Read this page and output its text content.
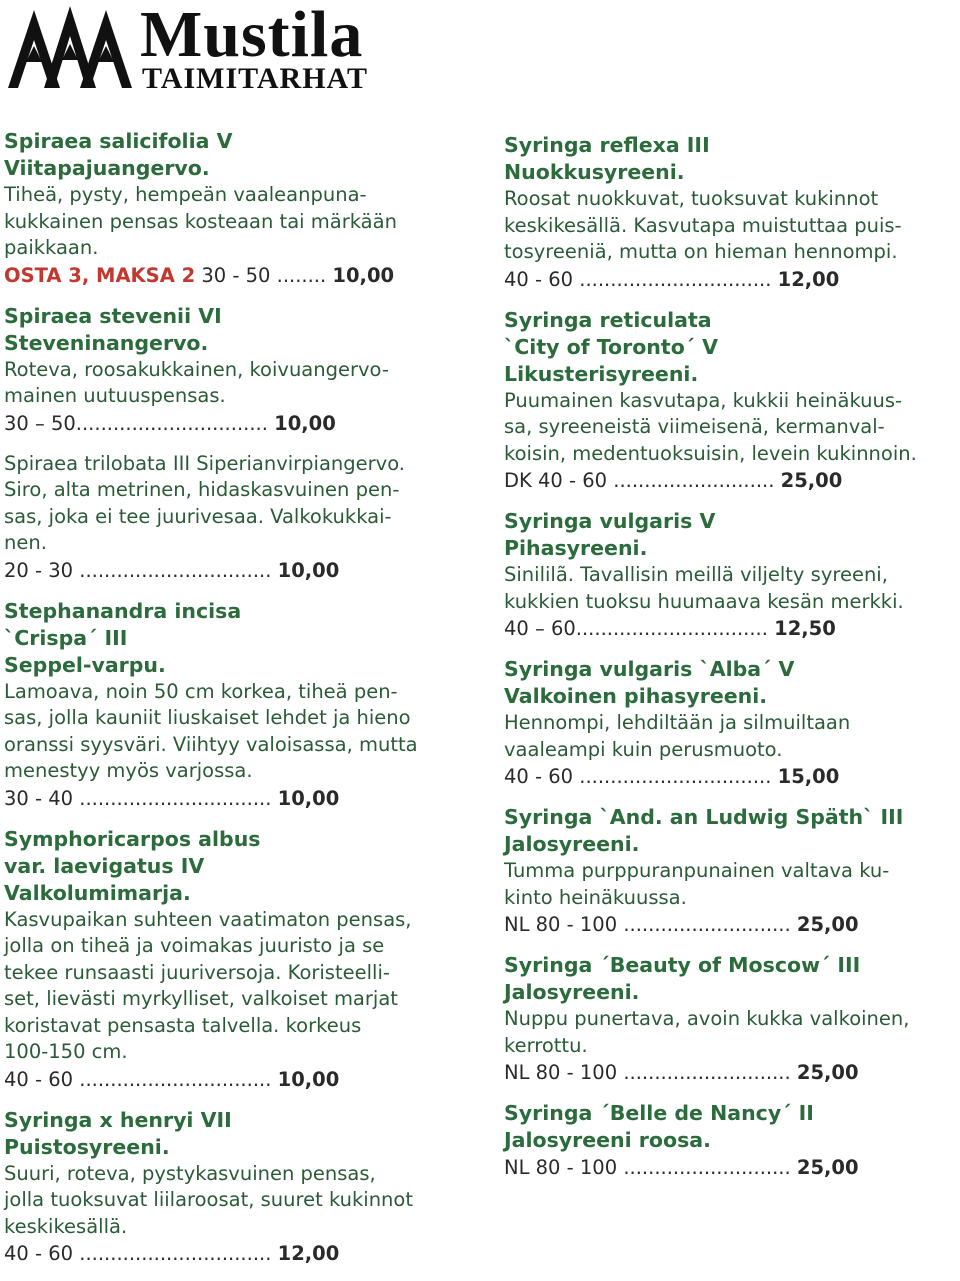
Mustila
TAIMITARHAT
Spiraea salicifolia V
Viitapajuangervo.
Tiheä, pysty, hempeän vaaleanpuna-
kukkainen pensas kosteaan tai märkään
paikkaan.
OSTA 3, MAKSA 2 30 - 50 ........ 10,00
Spiraea stevenii VI
Steveninangervo.
Roteva, roosakukkainen, koivuangervo-
mainen uutuuspensas.
30 – 50............................... 10,00
Spiraea trilobata III Siperianvirpiangervo.
Siro, alta metrinen, hidaskasvuinen pen-
sas, joka ei tee juurivesaa. Valkokukkai-
nen.
20 - 30 ............................... 10,00
Stephanandra incisa
`Crispa´ III
Seppel-varpu.
Lamoava, noin 50 cm korkea, tiheä pen-
sas, jolla kauniit liuskaiset lehdet ja hieno
oranssi syysväri. Viihtyy valoisassa, mutta
menestyy myös varjossa.
30 - 40 ............................... 10,00
Symphoricarpos albus
var. laevigatus IV
Valkolumimarja.
Kasvupaikan suhteen vaatimaton pensas,
jolla on tiheä ja voimakas juuristo ja se
tekee runsaasti juuriversoja. Koristeelli-
set, lievästi myrkylliset, valkoiset marjat
koristavat pensasta talvella. korkeus
100-150 cm.
40 - 60 ............................... 10,00
Syringa x henryi VII
Puistosyreeni.
Suuri, roteva, pystykasvuinen pensas,
jolla tuoksuvat liilaroosat, suuret kukinnot
keskikesällä.
40 - 60 ............................... 12,00
Syringa reflexa III
Nuokkusyreeni.
Roosat nuokkuvat, tuoksuvat kukinnot
keskikesällä. Kasvutapa muistuttaa puis-
tosyreeniä, mutta on hieman hennompi.
40 - 60 ............................... 12,00
Syringa reticulata
`City of Toronto´ V
Likusterisyreeni.
Puumainen kasvutapa, kukkii heinäkuus-
sa, syreeneistä viimeisenä, kermanval-
koisin, medentuoksuisin, levein kukinnoin.
DK 40 - 60 .......................... 25,00
Syringa vulgaris V
Pihasyreeni.
Sinililã. Tavallisin meillä viljelty syreeni,
kukkien tuoksu huumaava kesän merkki.
40 – 60............................... 12,50
Syringa vulgaris `Alba´ V
Valkoinen pihasyreeni.
Hennompi, lehdiltään ja silmuiltaan
vaaleampi kuin perusmuoto.
40 - 60 ............................... 15,00
Syringa `And. an Ludwig Späth` III
Jalosyreeni.
Tumma purppuranpunainen valtava ku-
kinto heinäkuussa.
NL 80 - 100 ........................... 25,00
Syringa ´Beauty of Moscow´ III
Jalosyreeni.
Nuppu punertava, avoin kukka valkoinen,
kerrottu.
NL 80 - 100 ........................... 25,00
Syringa ´Belle de Nancy´ II
Jalosyreeni roosa.
NL 80 - 100 ........................... 25,00
